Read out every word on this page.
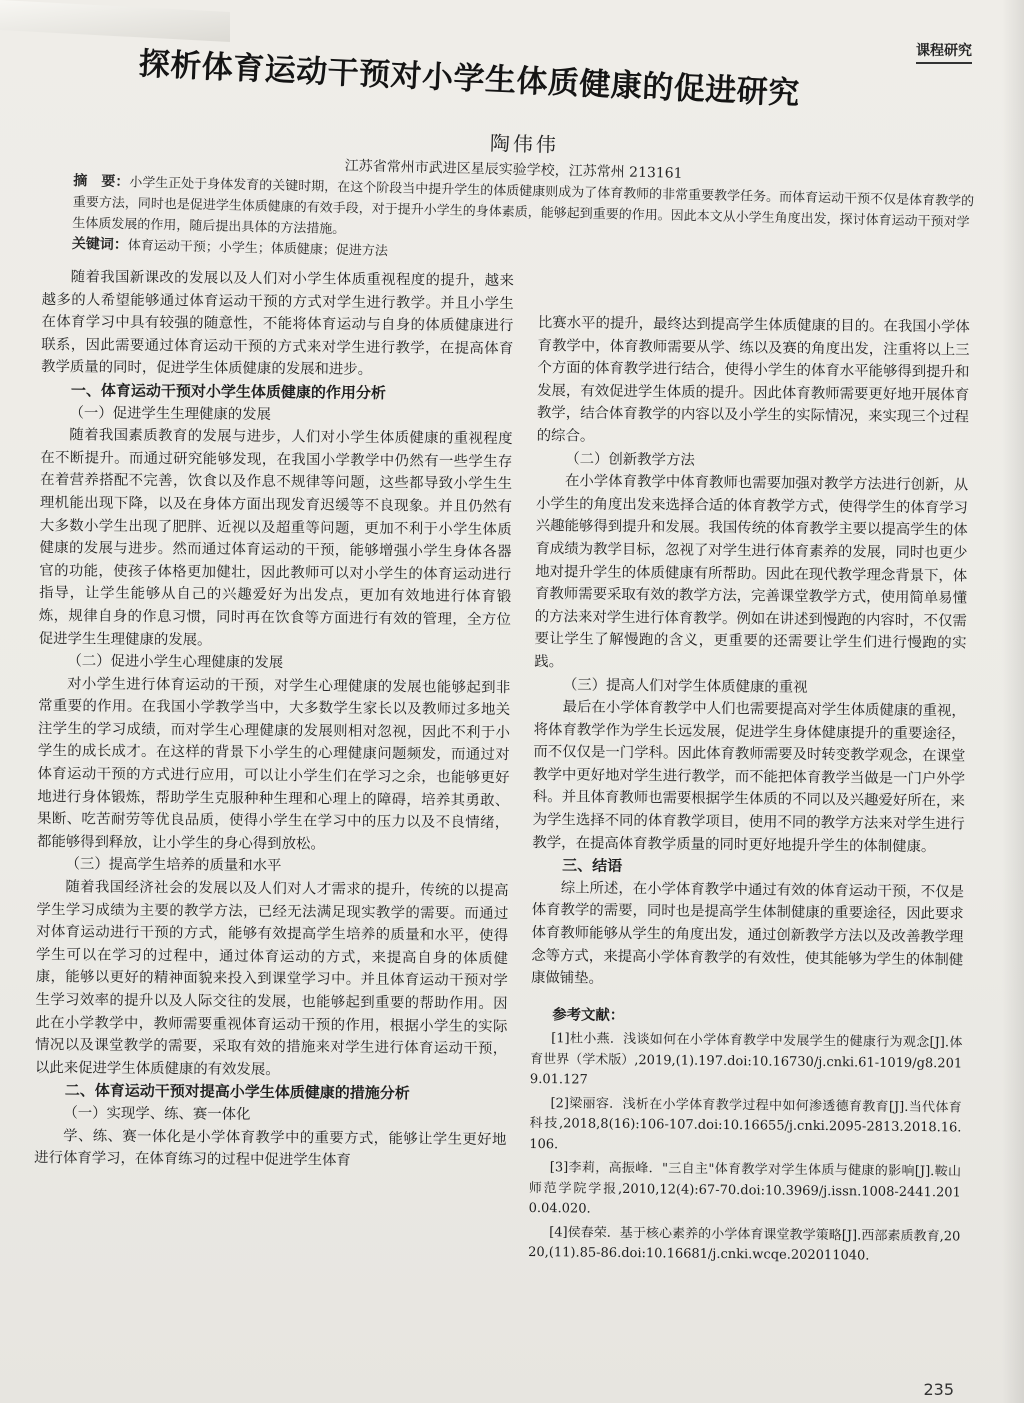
课程研究
探析体育运动干预对小学生体质健康的促进研究
陶伟伟
江苏省常州市武进区星辰实验学校，江苏常州 213161
摘　要：小学生正处于身体发育的关键时期，在这个阶段当中提升学生的体质健康则成为了体育教师的非常重要教学任务。而体育运动干预不仅是体育教学的重要方法，同时也是促进学生体质健康的有效手段，对于提升小学生的身体素质，能够起到重要的作用。因此本文从小学生角度出发，探讨体育运动干预对学生体质发展的作用，随后提出具体的方法措施。
关键词：体育运动干预；小学生；体质健康；促进方法

随着我国新课改的发展以及人们对小学生体质重视程度的提升，越来越多的人希望能够通过体育运动干预的方式对学生进行教学。并且小学生在体育学习中具有较强的随意性，不能将体育运动与自身的体质健康进行联系，因此需要通过体育运动干预的方式来对学生进行教学，在提高体育教学质量的同时，促进学生体质健康的发展和进步。

一、体育运动干预对小学生体质健康的作用分析

（一）促进学生生理健康的发展

随着我国素质教育的发展与进步，人们对小学生体质健康的重视程度在不断提升。而通过研究能够发现，在我国小学教学中仍然有一些学生存在着营养搭配不完善，饮食以及作息不规律等问题，这些都导致小学生生理机能出现下降，以及在身体方面出现发育迟缓等不良现象。并且仍然有大多数小学生出现了肥胖、近视以及超重等问题，更加不利于小学生体质健康的发展与进步。然而通过体育运动的干预，能够增强小学生身体各器官的功能，使孩子体格更加健壮，因此教师可以对小学生的体育运动进行指导，让学生能够从自己的兴趣爱好为出发点，更加有效地进行体育锻炼，规律自身的作息习惯，同时再在饮食等方面进行有效的管理，全方位促进学生生理健康的发展。

（二）促进小学生心理健康的发展

对小学生进行体育运动的干预，对学生心理健康的发展也能够起到非常重要的作用。在我国小学教学当中，大多数学生家长以及教师过多地关注学生的学习成绩，而对学生心理健康的发展则相对忽视，因此不利于小学生的成长成才。在这样的背景下小学生的心理健康问题频发，而通过对体育运动干预的方式进行应用，可以让小学生们在学习之余，也能够更好地进行身体锻炼，帮助学生克服种种生理和心理上的障碍，培养其勇敢、果断、吃苦耐劳等优良品质，使得小学生在学习中的压力以及不良情绪，都能够得到释放，让小学生的身心得到放松。

（三）提高学生培养的质量和水平

随着我国经济社会的发展以及人们对人才需求的提升，传统的以提高学生学习成绩为主要的教学方法，已经无法满足现实教学的需要。而通过对体育运动进行干预的方式，能够有效提高学生培养的质量和水平，使得学生可以在学习的过程中，通过体育运动的方式，来提高自身的体质健康，能够以更好的精神面貌来投入到课堂学习中。并且体育运动干预对学生学习效率的提升以及人际交往的发展，也能够起到重要的帮助作用。因此在小学教学中，教师需要重视体育运动干预的作用，根据小学生的实际情况以及课堂教学的需要，采取有效的措施来对学生进行体育运动干预，以此来促进学生体质健康的有效发展。

二、体育运动干预对提高小学生体质健康的措施分析

（一）实现学、练、赛一体化

学、练、赛一体化是小学体育教学中的重要方式，能够让学生更好地进行体育学习，在体育练习的过程中促进学生体育

比赛水平的提升，最终达到提高学生体质健康的目的。在我国小学体育教学中，体育教师需要从学、练以及赛的角度出发，注重将以上三个方面的体育教学进行结合，使得小学生的体育水平能够得到提升和发展，有效促进学生体质的提升。因此体育教师需要更好地开展体育教学，结合体育教学的内容以及小学生的实际情况，来实现三个过程的综合。

（二）创新教学方法

在小学体育教学中体育教师也需要加强对教学方法进行创新，从小学生的角度出发来选择合适的体育教学方式，使得学生的体育学习兴趣能够得到提升和发展。我国传统的体育教学主要以提高学生的体育成绩为教学目标，忽视了对学生进行体育素养的发展，同时也更少地对提升学生的体质健康有所帮助。因此在现代教学理念背景下，体育教师需要采取有效的教学方法，完善课堂教学方式，使用简单易懂的方法来对学生进行体育教学。例如在讲述到慢跑的内容时，不仅需要让学生了解慢跑的含义，更重要的还需要让学生们进行慢跑的实践。

（三）提高人们对学生体质健康的重视

最后在小学体育教学中人们也需要提高对学生体质健康的重视，将体育教学作为学生长远发展，促进学生身体健康提升的重要途径，而不仅仅是一门学科。因此体育教师需要及时转变教学观念，在课堂教学中更好地对学生进行教学，而不能把体育教学当做是一门户外学科。并且体育教师也需要根据学生体质的不同以及兴趣爱好所在，来为学生选择不同的体育教学项目，使用不同的教学方法来对学生进行教学，在提高体育教学质量的同时更好地提升学生的体制健康。

三、结语

综上所述，在小学体育教学中通过有效的体育运动干预，不仅是体育教学的需要，同时也是提高学生体制健康的重要途径，因此要求体育教师能够从学生的角度出发，通过创新教学方法以及改善教学理念等方式，来提高小学体育教学的有效性，使其能够为学生的体制健康做铺垫。

参考文献：
[1]杜小燕．浅谈如何在小学体育教学中发展学生的健康行为观念[J].体育世界（学术版）,2019,(1).197.doi:10.16730/j.cnki.61-1019/g8.2019.01.127
[2]梁丽容．浅析在小学体育教学过程中如何渗透德育教育[J].当代体育科技,2018,8(16):106-107.doi:10.16655/j.cnki.2095-2813.2018.16.106.
[3]李莉，高振峰．"三自主"体育教学对学生体质与健康的影响[J].鞍山师范学院学报,2010,12(4):67-70.doi:10.3969/j.issn.1008-2441.2010.04.020.
[4]侯春荣．基于核心素养的小学体育课堂教学策略[J].西部素质教育,2020,(11).85-86.doi:10.16681/j.cnki.wcqe.202011040.
235
